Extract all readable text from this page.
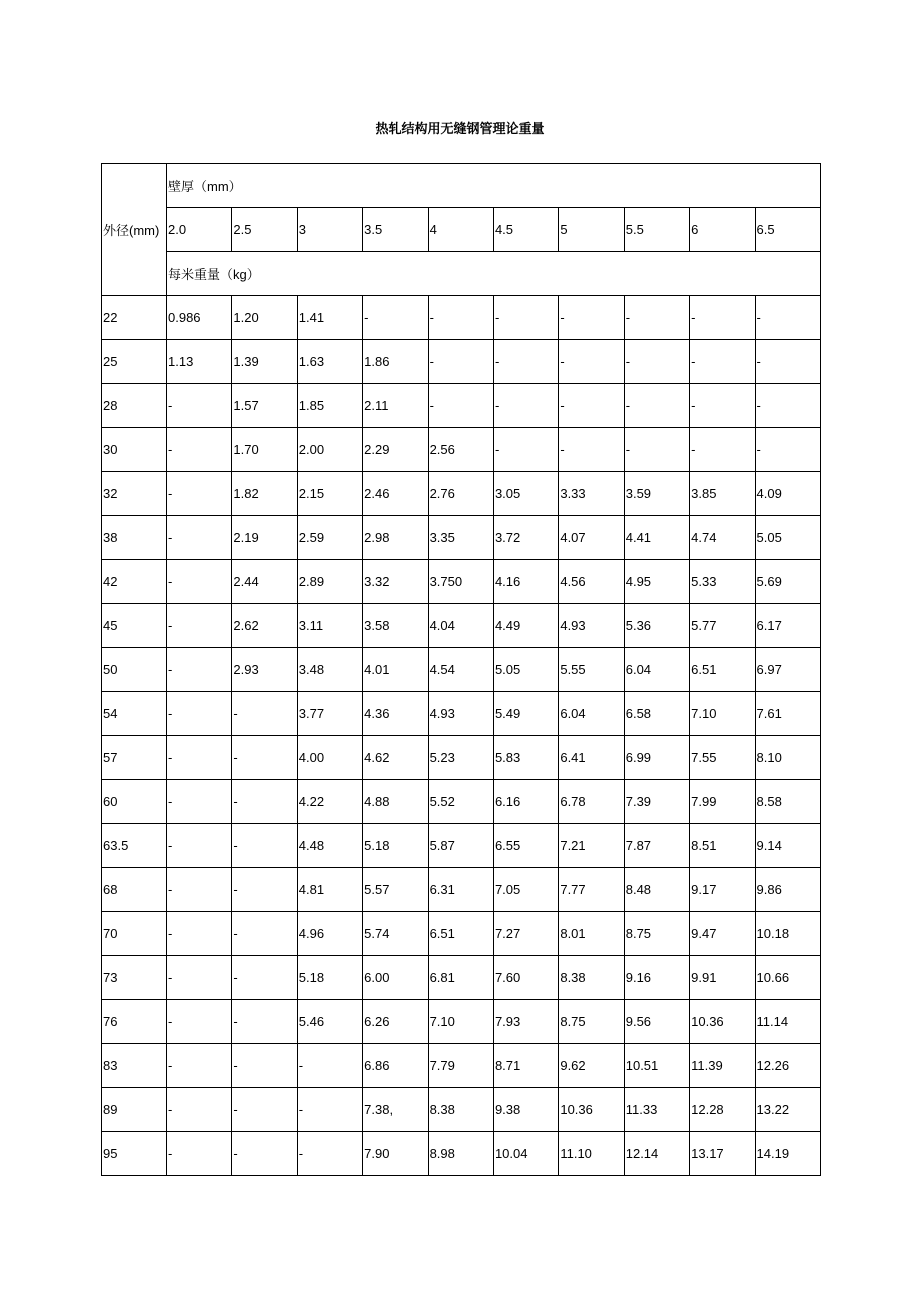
热轧结构用无缝钢管理论重量
外径(mm)	壁厚（mm）									
	2.0	2.5	3	3.5	4	4.5	5	5.5	6	6.5
	每米重量（kg）									
22	0.986	1.20	1.41	-	-	-	-	-	-	-
25	1.13	1.39	1.63	1.86	-	-	-	-	-	-
28	-	1.57	1.85	2.11	-	-	-	-	-	-
30	-	1.70	2.00	2.29	2.56	-	-	-	-	-
32	-	1.82	2.15	2.46	2.76	3.05	3.33	3.59	3.85	4.09
38	-	2.19	2.59	2.98	3.35	3.72	4.07	4.41	4.74	5.05
42	-	2.44	2.89	3.32	3.750	4.16	4.56	4.95	5.33	5.69
45	-	2.62	3.11	3.58	4.04	4.49	4.93	5.36	5.77	6.17
50	-	2.93	3.48	4.01	4.54	5.05	5.55	6.04	6.51	6.97
54	-	-	3.77	4.36	4.93	5.49	6.04	6.58	7.10	7.61
57	-	-	4.00	4.62	5.23	5.83	6.41	6.99	7.55	8.10
60	-	-	4.22	4.88	5.52	6.16	6.78	7.39	7.99	8.58
63.5	-	-	4.48	5.18	5.87	6.55	7.21	7.87	8.51	9.14
68	-	-	4.81	5.57	6.31	7.05	7.77	8.48	9.17	9.86
70	-	-	4.96	5.74	6.51	7.27	8.01	8.75	9.47	10.18
73	-	-	5.18	6.00	6.81	7.60	8.38	9.16	9.91	10.66
76	-	-	5.46	6.26	7.10	7.93	8.75	9.56	10.36	11.14
83	-	-	-	6.86	7.79	8.71	9.62	10.51	11.39	12.26
89	-	-	-	7.38,	8.38	9.38	10.36	11.33	12.28	13.22
95	-	-	-	7.90	8.98	10.04	11.10	12.14	13.17	14.19
